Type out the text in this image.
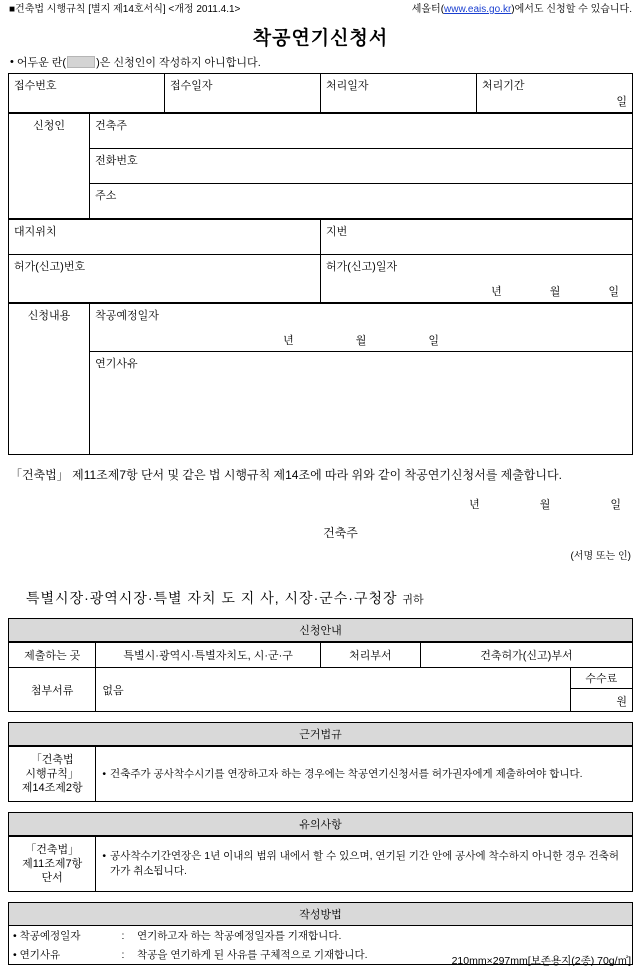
■건축법 시행규칙 [별지 제14호서식] <개정 2011.4.1>	세올터(www.eais.go.kr)에서도 신청할 수 있습니다.
착공연기신청서
• 어두운 란(	)은 신청인이 작성하지 아니합니다.
접수번호	접수일자	처리일자	처리기간
일
신청인	건축주
전화번호
주소
대지위치	지번
허가(신고)번호	허가(신고)일자
년 월 일
신청내용	착공예정일자
년	월	일

연기사유
「건축법」 제11조제7항 단서 및 같은 법 시행규칙 제14조에 따라 위와 같이 착공연기신청서를 제출합니다.
년	월	일
건축주
(서명 또는 인)
특별시장·광역시장·특별 자치 도 지 사, 시장·군수·구청장 귀하
신청안내
제출하는 곳	특별시·광역시·특별자치도, 시·군·구	처리부서	건축허가(신고)부서	
첨부서류	없음			수수료
원
근거법규
「건축법
시행규칙」
제14조제2항

• 건축주가 공사착수시기를 연장하고자 하는 경우에는 착공연기신청서를 허가권자에게 제출하여야 합니다.
유의사항
「건축법」
제11조제7항
단서

• 공사착수기간연장은 1년 이내의 범위 내에서 할 수 있으며, 연기된 기간 안에 공사에 착수하지 아니한 경우 건축허가가 취소됩니다.
작성방법
• 착공예정일자	:	연기하고자 하는 착공예정일자를 기재합니다.
• 연기사유	:	착공을 연기하게 된 사유를 구체적으로 기재합니다.	210mm×297mm[보존용지(2종) 70g/㎡]
